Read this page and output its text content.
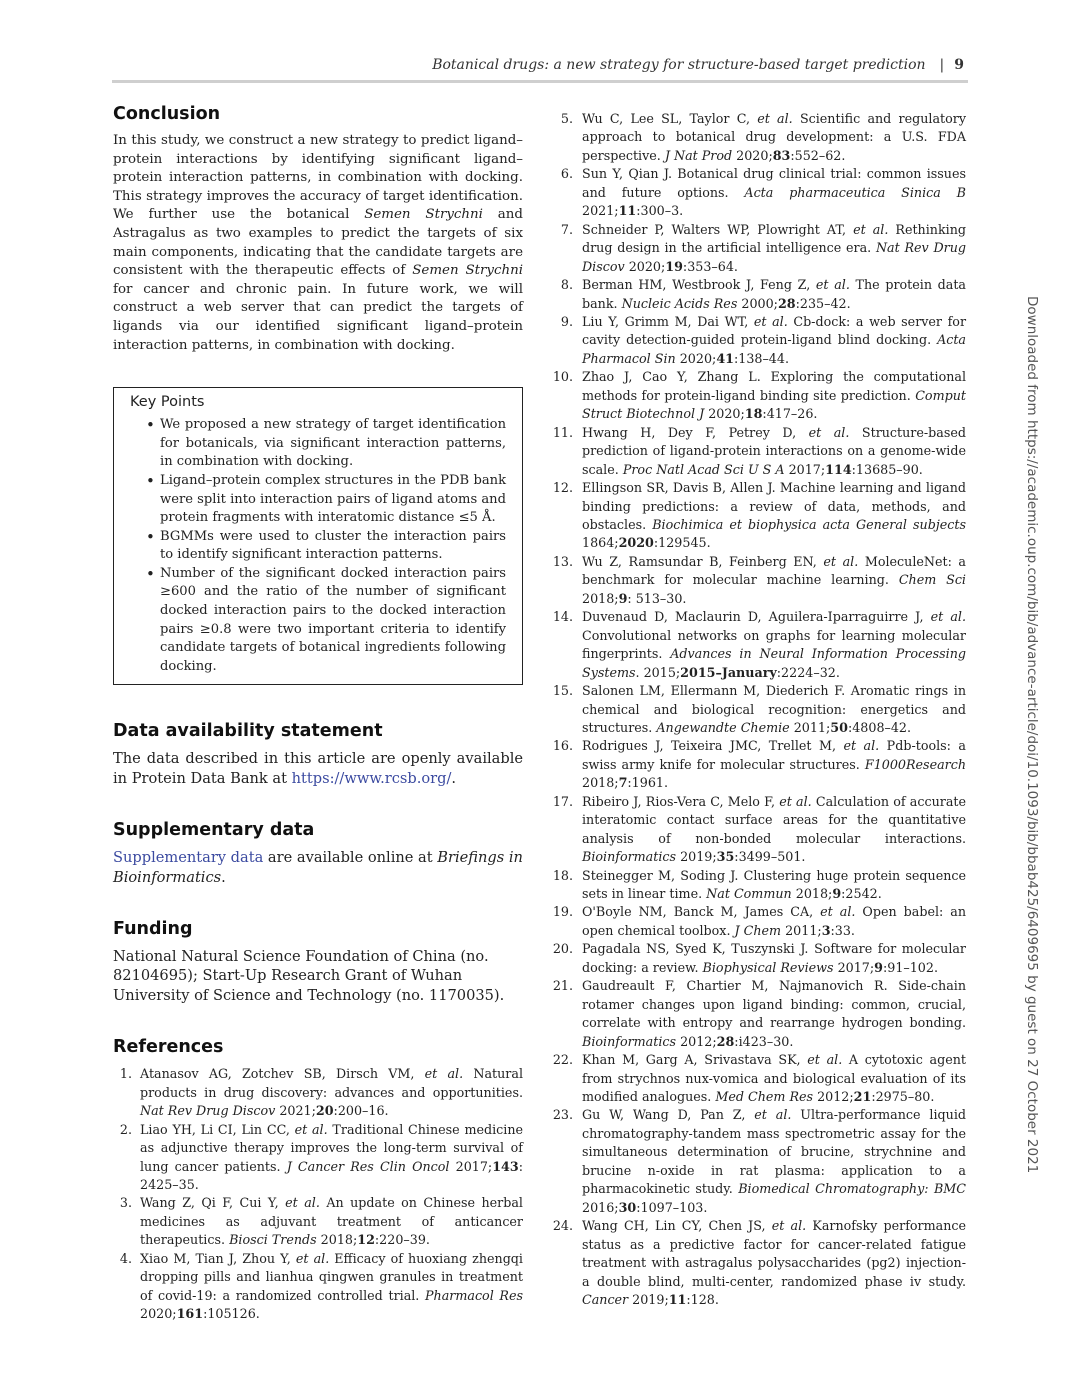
Botanical drugs: a new strategy for structure-based target prediction | 9
Conclusion

In this study, we construct a new strategy to predict ligand–protein interactions by identifying significant ligand–protein interaction patterns, in combination with docking. This strategy improves the accuracy of target identification. We further use the botanical Semen Strychni and Astragalus as two examples to predict the targets of six main components, indicating that the candidate targets are consistent with the therapeutic effects of Semen Strychni for cancer and chronic pain. In future work, we will construct a web server that can predict the targets of ligands via our identified significant ligand–protein interaction patterns, in combination with docking.

Key Points
• We proposed a new strategy of target identification for botanicals, via significant interaction patterns, in combination with docking.
• Ligand–protein complex structures in the PDB bank were split into interaction pairs of ligand atoms and protein fragments with interatomic distance ≤5 Å.
• BGMMs were used to cluster the interaction pairs to identify significant interaction patterns.
• Number of the significant docked interaction pairs ≥600 and the ratio of the number of significant docked interaction pairs to the docked interaction pairs ≥0.8 were two important criteria to identify candidate targets of botanical ingredients following docking.
Data availability statement

The data described in this article are openly available in Protein Data Bank at https://www.rcsb.org/.

Supplementary data

Supplementary data are available online at Briefings in Bioinformatics.

Funding

National Natural Science Foundation of China (no. 82104695); Start-Up Research Grant of Wuhan University of Science and Technology (no. 1170035).

References
1. Atanasov AG, Zotchev SB, Dirsch VM, et al. Natural products in drug discovery: advances and opportunities. Nat Rev Drug Discov 2021;20:200–16.
2. Liao YH, Li CI, Lin CC, et al. Traditional Chinese medicine as adjunctive therapy improves the long-term survival of lung cancer patients. J Cancer Res Clin Oncol 2017;143: 2425–35.
3. Wang Z, Qi F, Cui Y, et al. An update on Chinese herbal medicines as adjuvant treatment of anticancer therapeutics. Biosci Trends 2018;12:220–39.
4. Xiao M, Tian J, Zhou Y, et al. Efficacy of huoxiang zhengqi dropping pills and lianhua qingwen granules in treatment of covid-19: a randomized controlled trial. Pharmacol Res 2020;161:105126.
5. Wu C, Lee SL, Taylor C, et al. Scientific and regulatory approach to botanical drug development: a U.S. FDA perspective. J Nat Prod 2020;83:552–62.
6. Sun Y, Qian J. Botanical drug clinical trial: common issues and future options. Acta pharmaceutica Sinica B 2021;11:300–3.
7. Schneider P, Walters WP, Plowright AT, et al. Rethinking drug design in the artificial intelligence era. Nat Rev Drug Discov 2020;19:353–64.
8. Berman HM, Westbrook J, Feng Z, et al. The protein data bank. Nucleic Acids Res 2000;28:235–42.
9. Liu Y, Grimm M, Dai WT, et al. Cb-dock: a web server for cavity detection-guided protein-ligand blind docking. Acta Pharmacol Sin 2020;41:138–44.
10. Zhao J, Cao Y, Zhang L. Exploring the computational methods for protein-ligand binding site prediction. Comput Struct Biotechnol J 2020;18:417–26.
11. Hwang H, Dey F, Petrey D, et al. Structure-based prediction of ligand-protein interactions on a genome-wide scale. Proc Natl Acad Sci U S A 2017;114:13685–90.
12. Ellingson SR, Davis B, Allen J. Machine learning and ligand binding predictions: a review of data, methods, and obstacles. Biochimica et biophysica acta General subjects 1864;2020:129545.
13. Wu Z, Ramsundar B, Feinberg EN, et al. MoleculeNet: a benchmark for molecular machine learning. Chem Sci 2018;9: 513–30.
14. Duvenaud D, Maclaurin D, Aguilera-Iparraguirre J, et al. Convolutional networks on graphs for learning molecular fingerprints. Advances in Neural Information Processing Systems. 2015;2015–January:2224–32.
15. Salonen LM, Ellermann M, Diederich F. Aromatic rings in chemical and biological recognition: energetics and structures. Angewandte Chemie 2011;50:4808–42.
16. Rodrigues J, Teixeira JMC, Trellet M, et al. Pdb-tools: a swiss army knife for molecular structures. F1000Research 2018;7:1961.
17. Ribeiro J, Rios-Vera C, Melo F, et al. Calculation of accurate interatomic contact surface areas for the quantitative analysis of non-bonded molecular interactions. Bioinformatics 2019;35:3499–501.
18. Steinegger M, Soding J. Clustering huge protein sequence sets in linear time. Nat Commun 2018;9:2542.
19. O'Boyle NM, Banck M, James CA, et al. Open babel: an open chemical toolbox. J Chem 2011;3:33.
20. Pagadala NS, Syed K, Tuszynski J. Software for molecular docking: a review. Biophysical Reviews 2017;9:91–102.
21. Gaudreault F, Chartier M, Najmanovich R. Side-chain rotamer changes upon ligand binding: common, crucial, correlate with entropy and rearrange hydrogen bonding. Bioinformatics 2012;28:i423–30.
22. Khan M, Garg A, Srivastava SK, et al. A cytotoxic agent from strychnos nux-vomica and biological evaluation of its modified analogues. Med Chem Res 2012;21:2975–80.
23. Gu W, Wang D, Pan Z, et al. Ultra-performance liquid chromatography-tandem mass spectrometric assay for the simultaneous determination of brucine, strychnine and brucine n-oxide in rat plasma: application to a pharmacokinetic study. Biomedical Chromatography: BMC 2016;30:1097–103.
24. Wang CH, Lin CY, Chen JS, et al. Karnofsky performance status as a predictive factor for cancer-related fatigue treatment with astragalus polysaccharides (pg2) injection-a double blind, multi-center, randomized phase iv study. Cancer 2019;11:128.
Downloaded from https://academic.oup.com/bib/advance-article/doi/10.1093/bib/bbab425/6409695 by guest on 27 October 2021
